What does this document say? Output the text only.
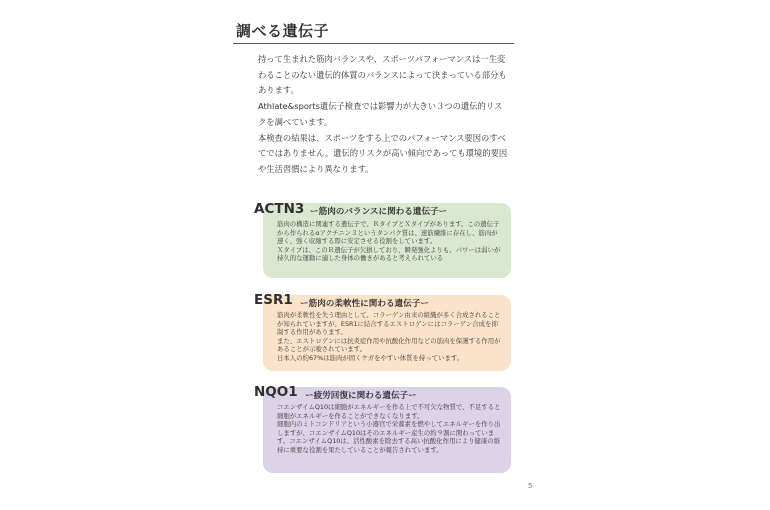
調べる遺伝子

持って生まれた筋肉バランスや、スポーツパフォーマンスは一生変わることのない遺伝的体質のバランスによって決まっている部分もあります。

Athlate&sports遺伝子検査では影響力が大きい３つの遺伝的リスクを調べています。

本検査の結果は、スポーツをする上でのパフォーマンス要因のすべてではありません。遺伝的リスクが高い傾向であっても環境的要因や生活習慣により異なります。

ACTN3 ー筋肉のバランスに関わる遺伝子ー

筋肉の構造に関連する遺伝子で、ＲタイプとＸタイプがあります。この遺伝子から作られるαアクチニン３というタンパク質は、速筋繊維に存在し、筋肉が速く、強く収縮する際に安定させる役割をしています。

Ｘタイプは、このＲ遺伝子が欠損しており、瞬発強化よりも、パワーは弱いが持久的な運動に適した身体の働きがあると考えられている

ESR1 ー筋肉の柔軟性に関わる遺伝子ー

筋肉が柔軟性を失う理由として、コラーゲン由来の組織が多く合成されることが知られていますが、ESR1に結合するエストロゲンにはコラーゲン合成を抑制する作用があります。

また、エストロゲンには抗炎症作用や抗酸化作用などの筋肉を保護する作用があることが示唆されています。

日本人の約67%は筋肉が固くケガをやすい体質を持っています。

NQO1 ー疲労回復に関わる遺伝子ー

コエンザイムQ10は細胞がエネルギーを作る上で不可欠な物質で、不足すると細胞がエネルギーを作ることができなくなります。

細胞内のミトコンドリアという小器官で栄養素を燃やしてエネルギーを作り出しますが、コエンザイムQ10はそのエネルギー産生の約９割に関わっています。コエンザイムQ10は、活性酸素を除去する高い抗酸化作用により健康の維持に重要な役割を果たしていることが報告されています。

5
